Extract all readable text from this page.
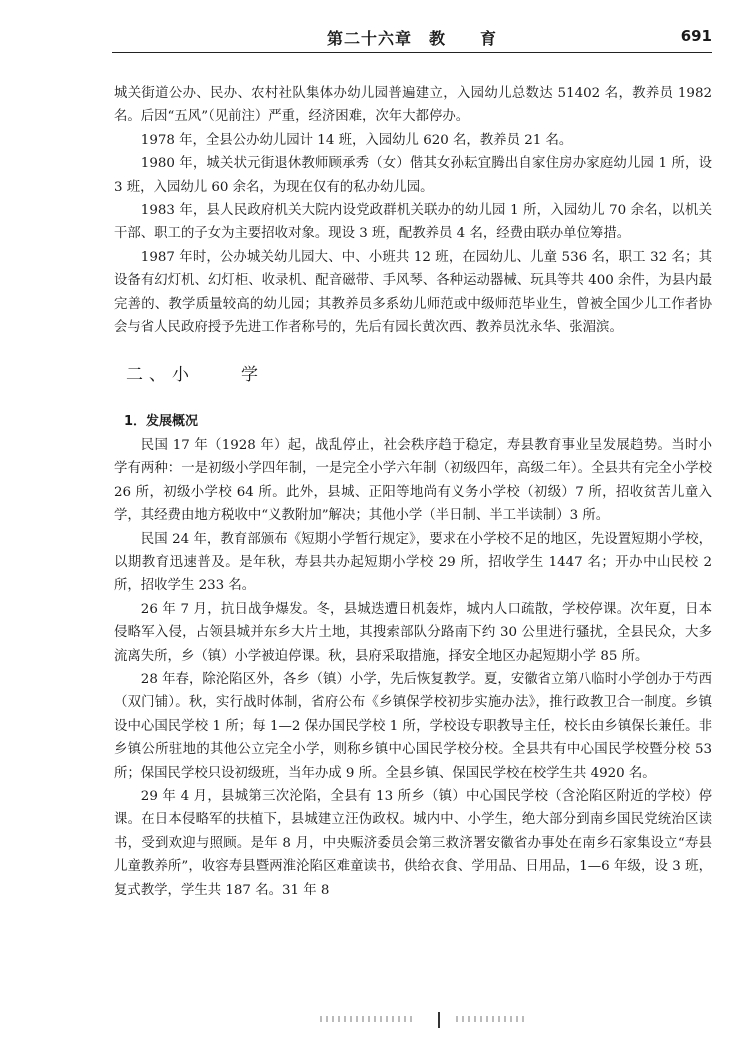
第二十六章　教　　育	691

城关街道公办、民办、农村社队集体办幼儿园普遍建立，入园幼儿总数达 51402 名，教养员 1982 名。后因“五风”（见前注）严重，经济困难，次年大都停办。

1978 年，全县公办幼儿园计 14 班，入园幼儿 620 名，教养员 21 名。

1980 年，城关状元街退休教师顾承秀（女）偕其女孙耘宜腾出自家住房办家庭幼儿园 1 所，设 3 班，入园幼儿 60 余名，为现在仅有的私办幼儿园。

1983 年，县人民政府机关大院内设党政群机关联办的幼儿园 1 所，入园幼儿 70 余名，以机关干部、职工的子女为主要招收对象。现设 3 班，配教养员 4 名，经费由联办单位筹措。

1987 年时，公办城关幼儿园大、中、小班共 12 班，在园幼儿、儿童 536 名，职工 32 名；其设备有幻灯机、幻灯柜、收录机、配音磁带、手风琴、各种运动器械、玩具等共 400 余件，为县内最完善的、教学质量较高的幼儿园；其教养员多系幼儿师范或中级师范毕业生，曾被全国少儿工作者协会与省人民政府授予先进工作者称号的，先后有园长黄次西、教养员沈永华、张湄滨。

二、小　　学
1．发展概况

民国 17 年（1928 年）起，战乱停止，社会秩序趋于稳定，寿县教育事业呈发展趋势。当时小学有两种：一是初级小学四年制，一是完全小学六年制（初级四年，高级二年）。全县共有完全小学校 26 所，初级小学校 64 所。此外，县城、正阳等地尚有义务小学校（初级）7 所，招收贫苦儿童入学，其经费由地方税收中“义教附加”解决；其他小学（半日制、半工半读制）3 所。

民国 24 年，教育部颁布《短期小学暂行规定》，要求在小学校不足的地区，先设置短期小学校，以期教育迅速普及。是年秋，寿县共办起短期小学校 29 所，招收学生 1447 名；开办中山民校 2 所，招收学生 233 名。

26 年 7 月，抗日战争爆发。冬，县城迭遭日机轰炸，城内人口疏散，学校停课。次年夏，日本侵略军入侵，占领县城并东乡大片土地，其搜索部队分路南下约 30 公里进行骚扰，全县民众，大多流离失所，乡（镇）小学被迫停课。秋，县府采取措施，择安全地区办起短期小学 85 所。

28 年春，除沦陷区外，各乡（镇）小学，先后恢复教学。夏，安徽省立第八临时小学创办于芍西（双门铺）。秋，实行战时体制，省府公布《乡镇保学校初步实施办法》，推行政教卫合一制度。乡镇设中心国民学校 1 所；每 1—2 保办国民学校 1 所，学校设专职教导主任，校长由乡镇保长兼任。非乡镇公所驻地的其他公立完全小学，则称乡镇中心国民学校分校。全县共有中心国民学校暨分校 53 所；保国民学校只设初级班，当年办成 9 所。全县乡镇、保国民学校在校学生共 4920 名。

29 年 4 月，县城第三次沦陷，全县有 13 所乡（镇）中心国民学校（含沦陷区附近的学校）停课。在日本侵略军的扶植下，县城建立汪伪政权。城内中、小学生，绝大部分到南乡国民党统治区读书，受到欢迎与照顾。是年 8 月，中央赈济委员会第三救济署安徽省办事处在南乡石家集设立“寿县儿童教养所”，收容寿县暨两淮沦陷区难童读书，供给衣食、学用品、日用品，1—6 年级，设 3 班，复式教学，学生共 187 名。31 年 8
